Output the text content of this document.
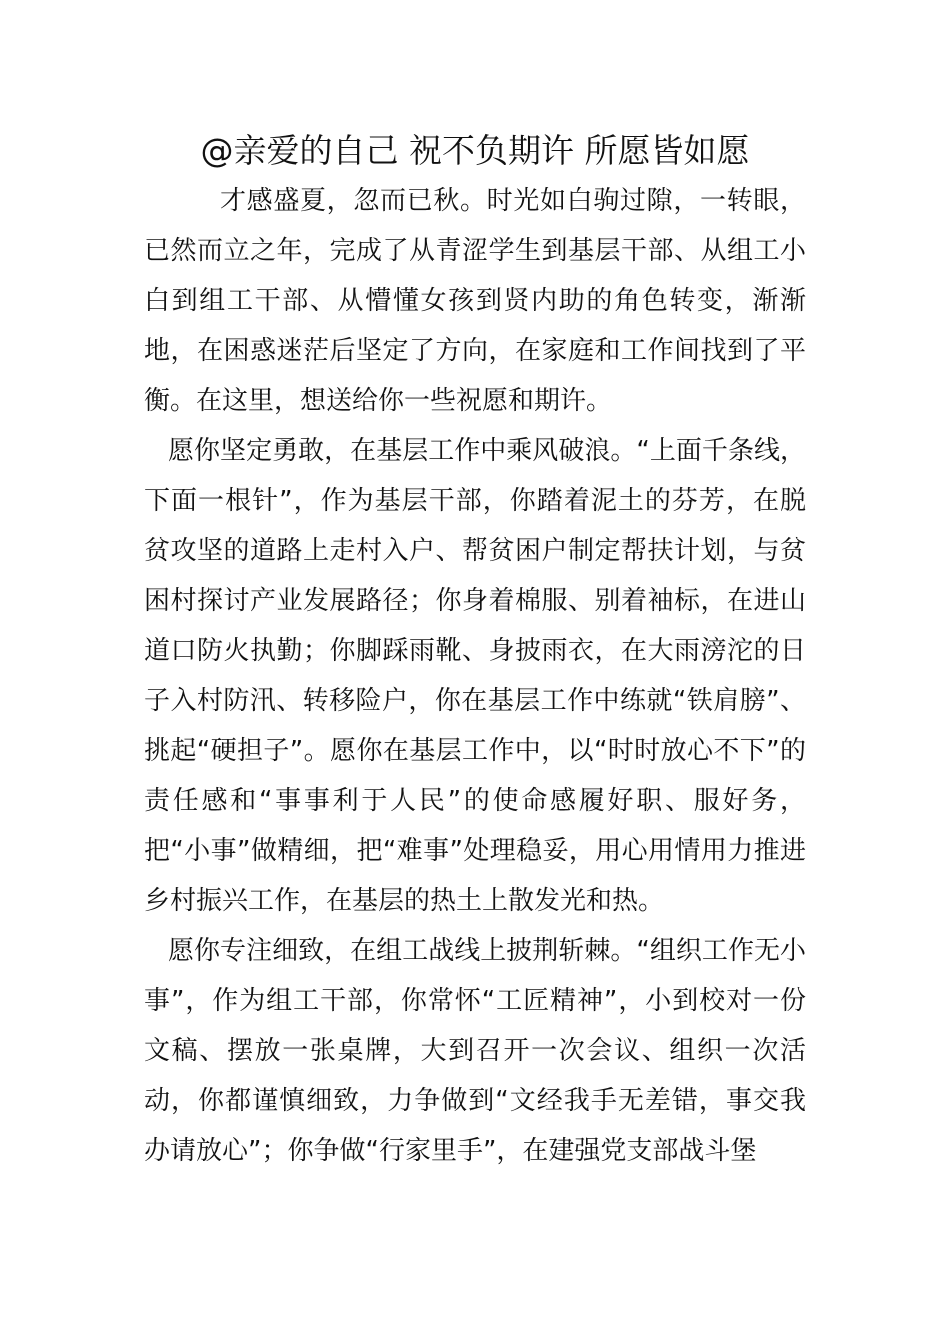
@亲爱的自己 祝不负期许 所愿皆如愿

才感盛夏，忽而已秋。时光如白驹过隙，一转眼，已然而立之年，完成了从青涩学生到基层干部、从组工小白到组工干部、从懵懂女孩到贤内助的角色转变，渐渐地，在困惑迷茫后坚定了方向，在家庭和工作间找到了平衡。在这里，想送给你一些祝愿和期许。

愿你坚定勇敢，在基层工作中乘风破浪。“上面千条线，下面一根针”，作为基层干部，你踏着泥土的芬芳，在脱贫攻坚的道路上走村入户、帮贫困户制定帮扶计划，与贫困村探讨产业发展路径；你身着棉服、别着袖标，在进山道口防火执勤；你脚踩雨靴、身披雨衣，在大雨滂沱的日子入村防汛、转移险户，你在基层工作中练就“铁肩膀”、挑起“硬担子”。愿你在基层工作中，以“时时放心不下”的责任感和“事事利于人民”的使命感履好职、服好务，把“小事”做精细，把“难事”处理稳妥，用心用情用力推进乡村振兴工作，在基层的热土上散发光和热。

愿你专注细致，在组工战线上披荆斩棘。“组织工作无小事”，作为组工干部，你常怀“工匠精神”，小到校对一份文稿、摆放一张桌牌，大到召开一次会议、组织一次活动，你都谨慎细致，力争做到“文经我手无差错，事交我办请放心”；你争做“行家里手”，在建强党支部战斗堡
